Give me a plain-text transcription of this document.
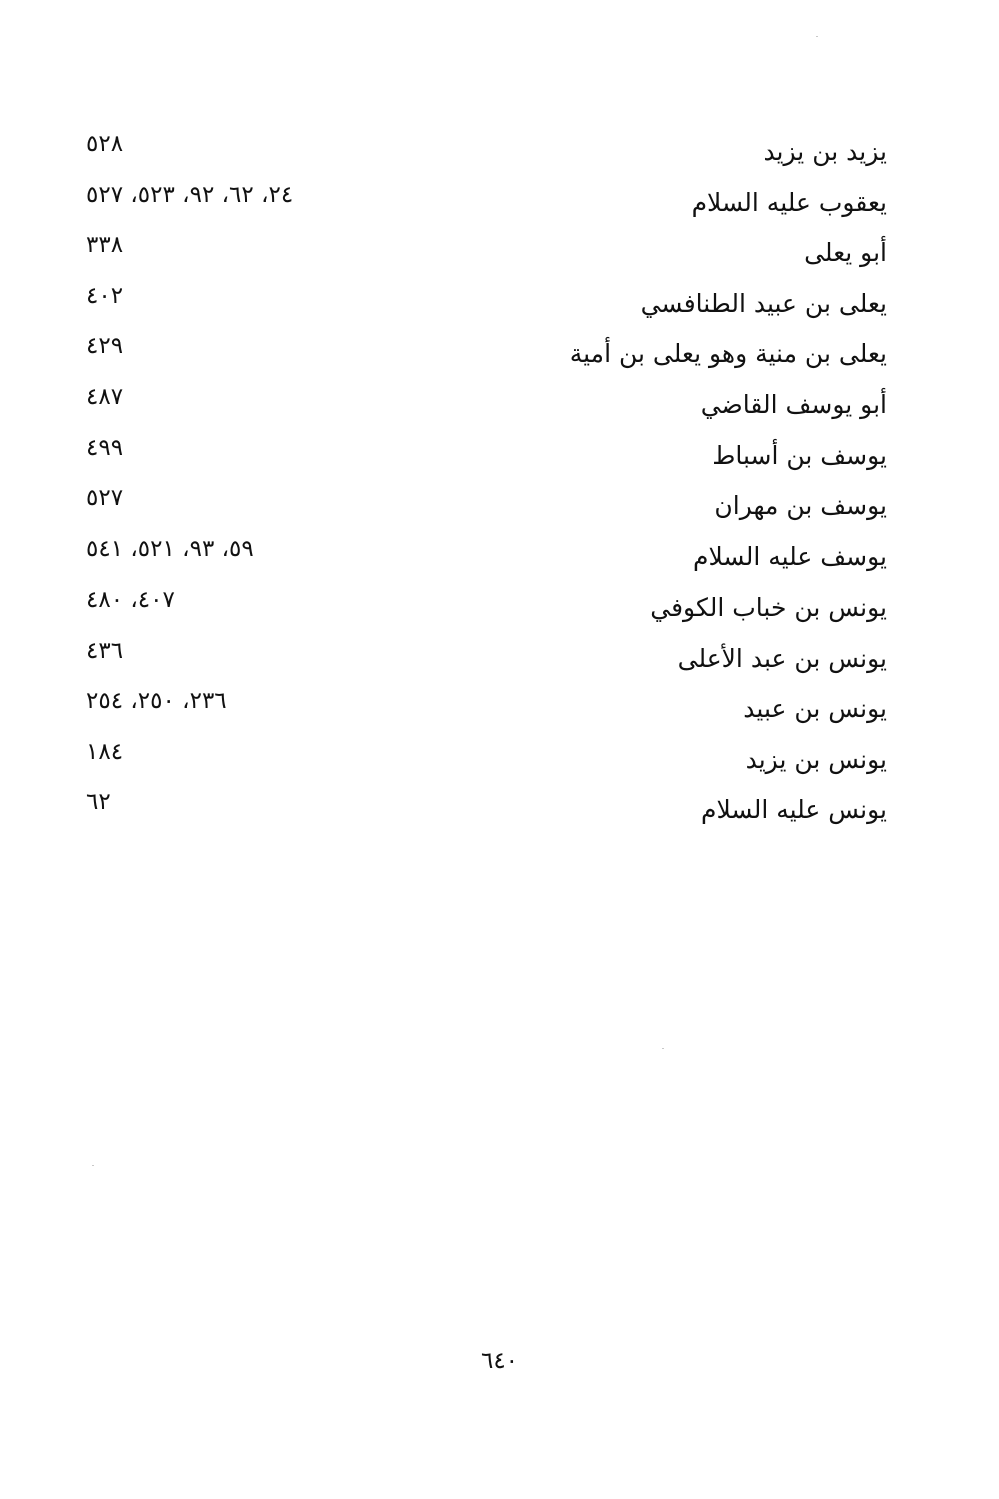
يزيد بن يزيد
٥٢٨
يعقوب عليه السلام
٢٤، ٦٢، ٩٢، ٥٢٣، ٥٢٧
أبو يعلى
٣٣٨
يعلى بن عبيد الطنافسي
٤٠٢
يعلى بن منية وهو يعلى بن أمية
٤٢٩
أبو يوسف القاضي
٤٨٧
يوسف بن أسباط
٤٩٩
يوسف بن مهران
٥٢٧
يوسف عليه السلام
٥٩، ٩٣، ٥٢١، ٥٤١
يونس بن خباب الكوفي
٤٠٧، ٤٨٠
يونس بن عبد الأعلى
٤٣٦
يونس بن عبيد
٢٣٦، ٢٥٠، ٢٥٤
يونس بن يزيد
١٨٤
يونس عليه السلام
٦٢
٦٤٠
